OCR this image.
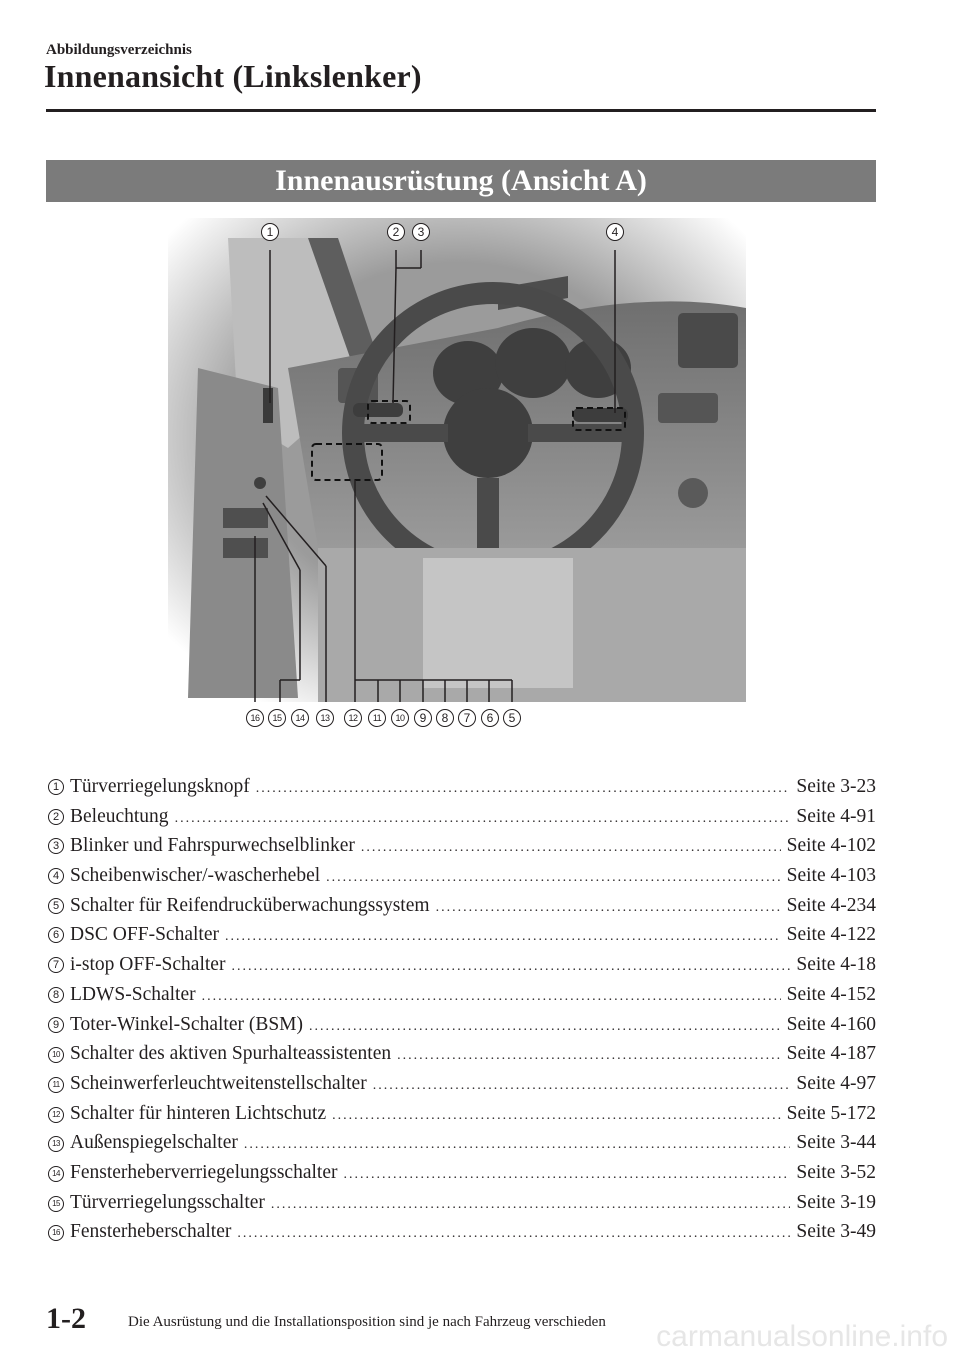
Abbildungsverzeichnis
Innenansicht (Linkslenker)
Innenausrüstung (Ansicht A)
1	2	3	4
16	15	14	13	12	11	10	9	8	7	6	5
1 Türverriegelungsknopf .....	Seite 3-23
2 Beleuchtung .....	Seite 4-91
3 Blinker und Fahrspurwechselblinker .....	Seite 4-102
4 Scheibenwischer/-wascherhebel .....	Seite 4-103
5 Schalter für Reifendrucküberwachungssystem .....	Seite 4-234
6 DSC OFF-Schalter .....	Seite 4-122
7 i-stop OFF-Schalter .....	Seite 4-18
8 LDWS-Schalter .....	Seite 4-152
9 Toter-Winkel-Schalter (BSM) .....	Seite 4-160
10 Schalter des aktiven Spurhalteassistenten .....	Seite 4-187
11 Scheinwerferleuchtweitenstellschalter .....	Seite 4-97
12 Schalter für hinteren Lichtschutz .....	Seite 5-172
13 Außenspiegelschalter .....	Seite 3-44
14 Fensterheberverriegelungsschalter .....	Seite 3-52
15 Türverriegelungsschalter .....	Seite 3-19
16 Fensterheberschalter .....	Seite 3-49
1-2	Die Ausrüstung und die Installationsposition sind je nach Fahrzeug verschieden carmanualsonline.info
